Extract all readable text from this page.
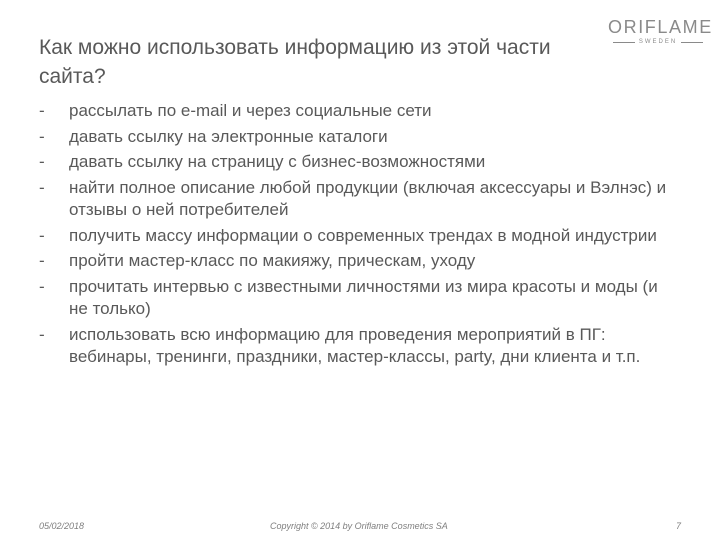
ORIFLAME
SWEDEN
Как можно использовать информацию из этой части сайта?
- рассылать по e-mail и через социальные сети
- давать ссылку на электронные каталоги
- давать ссылку на страницу с бизнес-возможностями
- найти полное описание любой продукции (включая аксессуары и Вэлнэс) и отзывы о ней потребителей
- получить массу информации о современных трендах в модной индустрии
- пройти мастер-класс по макияжу, прическам, уходу
- прочитать интервью с известными личностями из мира красоты и моды (и не только)
- использовать всю информацию для проведения мероприятий в ПГ: вебинары, тренинги, праздники, мастер-классы, party, дни клиента и т.п.
05/02/2018	Copyright © 2014 by Oriflame Cosmetics SA	7
